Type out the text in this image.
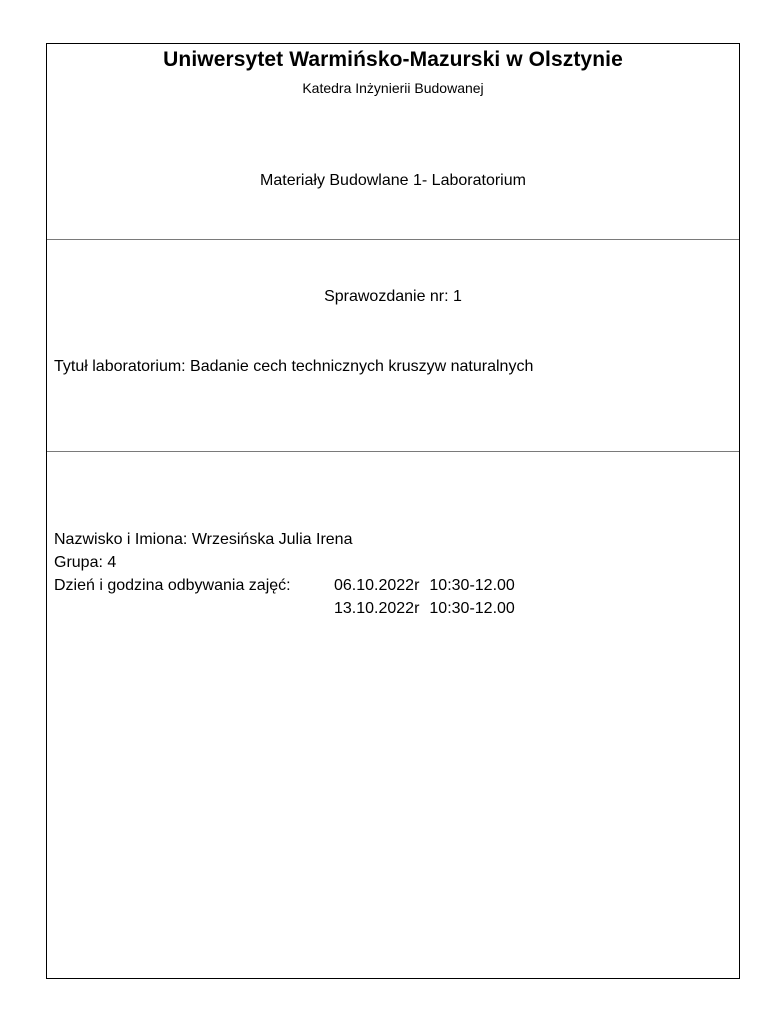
Uniwersytet Warmińsko-Mazurski w Olsztynie
Katedra Inżynierii Budowanej
Materiały Budowlane 1- Laboratorium
Sprawozdanie nr: 1
Tytuł laboratorium: Badanie cech technicznych kruszyw naturalnych
Nazwisko i Imiona: Wrzesińska Julia Irena
Grupa: 4
Dzień i godzina odbywania zajęć:	06.10.2022r 10:30-12.00
13.10.2022r 10:30-12.00
